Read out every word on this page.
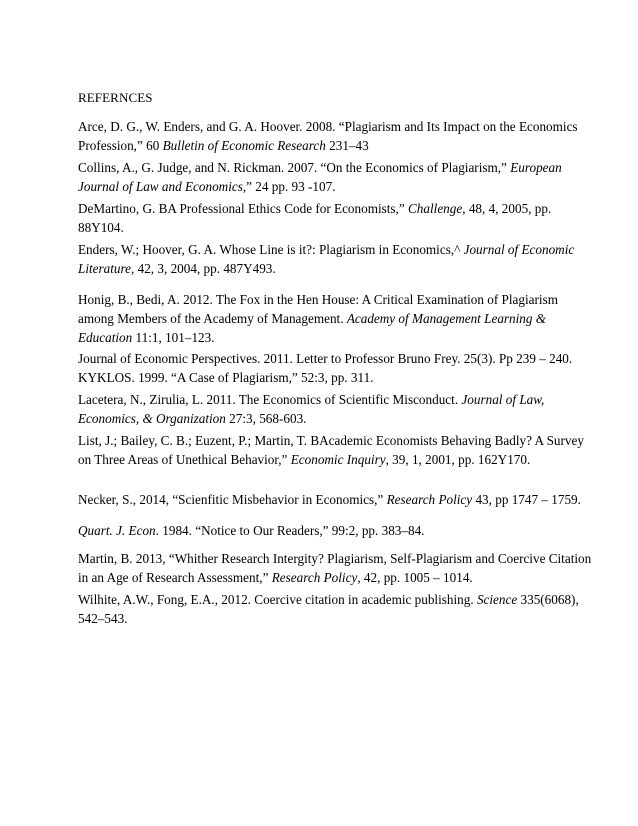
REFERNCES
Arce, D. G., W. Enders, and G. A. Hoover. 2008. “Plagiarism and Its Impact on the Economics
Profession,” 60 Bulletin of Economic Research 231–43
Collins, A., G. Judge, and N. Rickman. 2007. “On the Economics of Plagiarism,” European
Journal of Law and Economics,” 24 pp. 93 -107.
DeMartino, G. BA Professional Ethics Code for Economists,” Challenge, 48, 4, 2005, pp.
88Y104.
Enders, W.; Hoover, G. A. Whose Line is it?: Plagiarism in Economics,^ Journal of Economic
Literature, 42, 3, 2004, pp. 487Y493.
Honig, B., Bedi, A. 2012. The Fox in the Hen House: A Critical Examination of Plagiarism
among Members of the Academy of Management. Academy of Management Learning &
Education 11:1, 101–123.
Journal of Economic Perspectives. 2011. Letter to Professor Bruno Frey. 25(3). Pp 239 – 240.
KYKLOS. 1999. “A Case of Plagiarism,” 52:3, pp. 311.
Lacetera, N., Zirulia, L. 2011. The Economics of Scientific Misconduct. Journal of Law,
Economics, & Organization 27:3, 568-603.
List, J.; Bailey, C. B.; Euzent, P.; Martin, T. BAcademic Economists Behaving Badly? A Survey
on Three Areas of Unethical Behavior,” Economic Inquiry, 39, 1, 2001, pp. 162Y170.
Necker, S., 2014, “Scienfitic Misbehavior in Economics,” Research Policy 43, pp 1747 – 1759.
Quart. J. Econ. 1984. “Notice to Our Readers,” 99:2, pp. 383–84.
Martin, B. 2013, “Whither Research Intergity? Plagiarism, Self-Plagiarism and Coercive Citation
in an Age of Research Assessment,” Research Policy, 42, pp. 1005 – 1014.
Wilhite, A.W., Fong, E.A., 2012. Coercive citation in academic publishing. Science 335(6068),
542–543.
